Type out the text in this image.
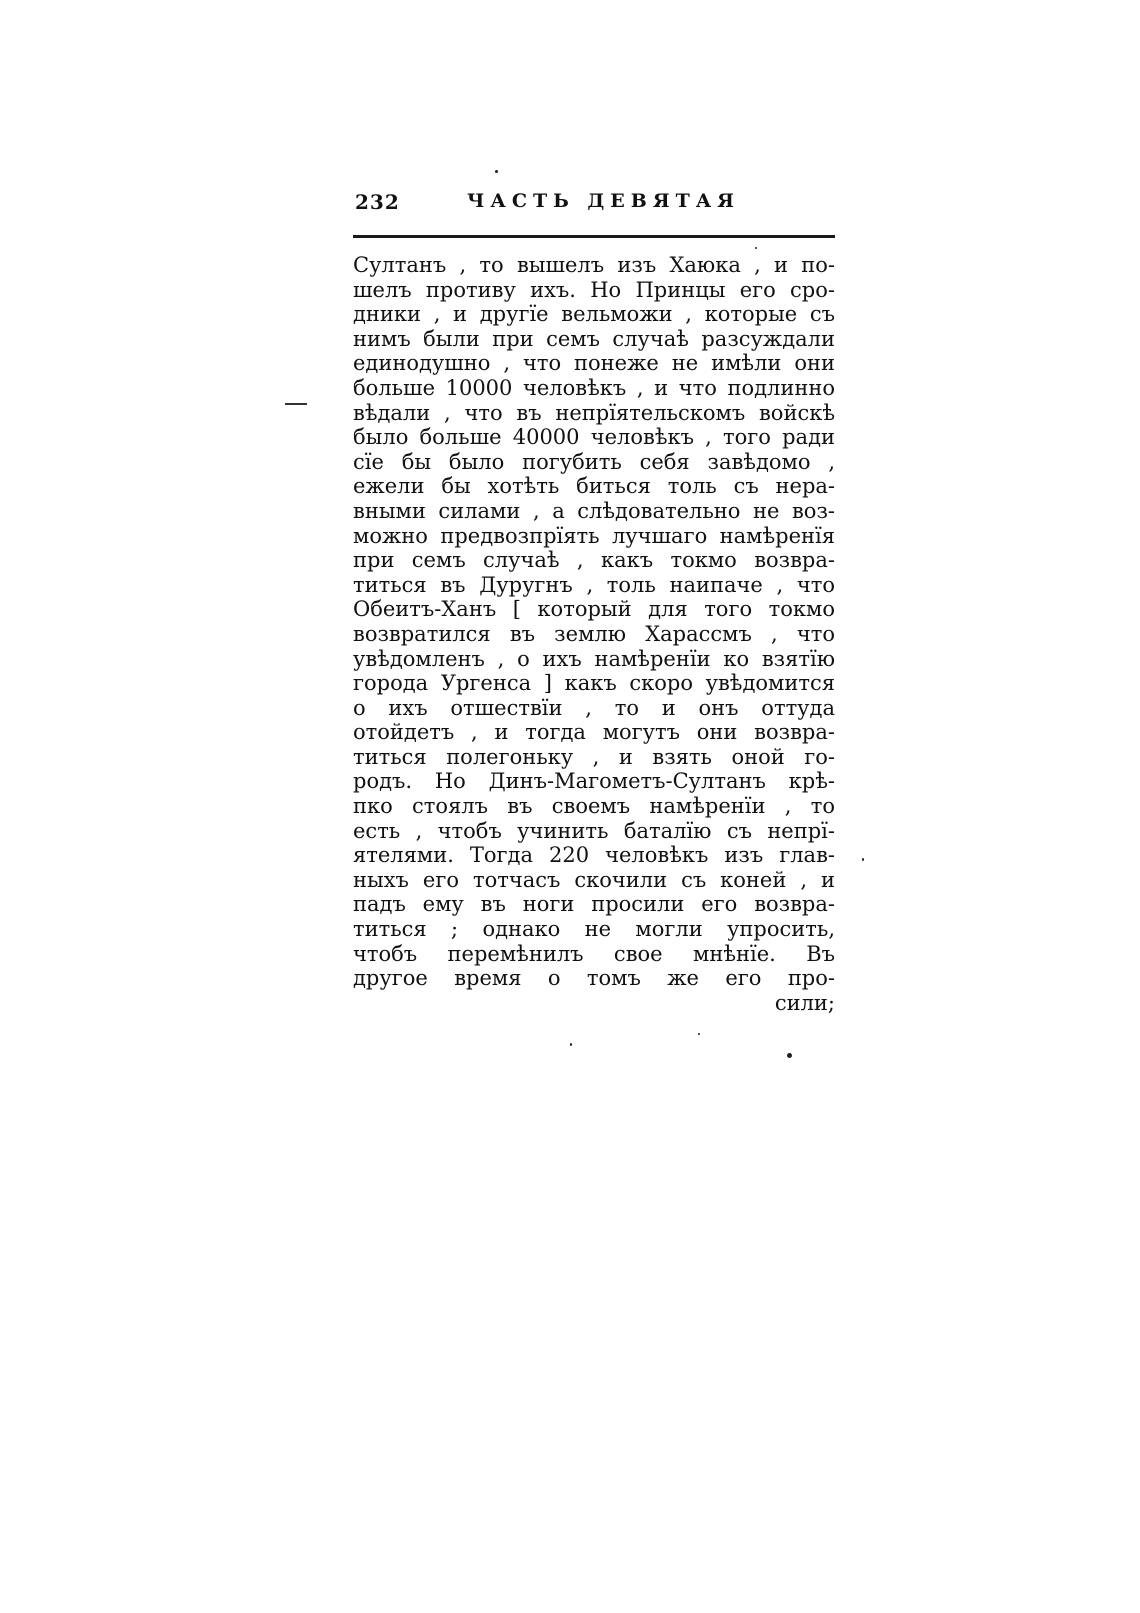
232	ЧАСТЬ ДЕВЯТАЯ
Султанъ , то вышелъ изъ Хаюка , и по-
шелъ противу ихъ. Но Принцы его сро-
дники , и другїе вельможи , которые съ
нимъ были при семъ случаѣ разсуждали
единодушно , что понеже не имѣли они
больше 10000 человѣкъ , и что подлинно
вѣдали , что въ непрїятельскомъ войскѣ
было больше 40000 человѣкъ , того ради
сїе бы было погубить себя завѣдомо ,
ежели бы хотѣть биться толь съ нера-
вными силами , а слѣдовательно не воз-
можно предвозпрїять лучшаго намѣренїя
при семъ случаѣ , какъ токмо возвра-
титься въ Дуругнъ , толь наипаче , что
Обеитъ-Ханъ [ который для того токмо
возвратился въ землю Харассмъ , что
увѣдомленъ , о ихъ намѣренїи ко взятїю
города Ургенса ] какъ скоро увѣдомится
о ихъ отшествїи , то и онъ оттуда
отойдетъ , и тогда могутъ они возвра-
титься полегоньку , и взять оной го-
родъ. Но Динъ-Магометъ-Султанъ крѣ-
пко стоялъ въ своемъ намѣренїи , то
есть , чтобъ учинить баталїю съ непрї-
ятелями. Тогда 220 человѣкъ изъ глав-
ныхъ его тотчасъ скочили съ коней , и
падъ ему въ ноги просили его возвра-
титься ; однако не могли упросить,
чтобъ перемѣнилъ свое мнѣнїе. Въ
другое время о томъ же его про-
сили;
